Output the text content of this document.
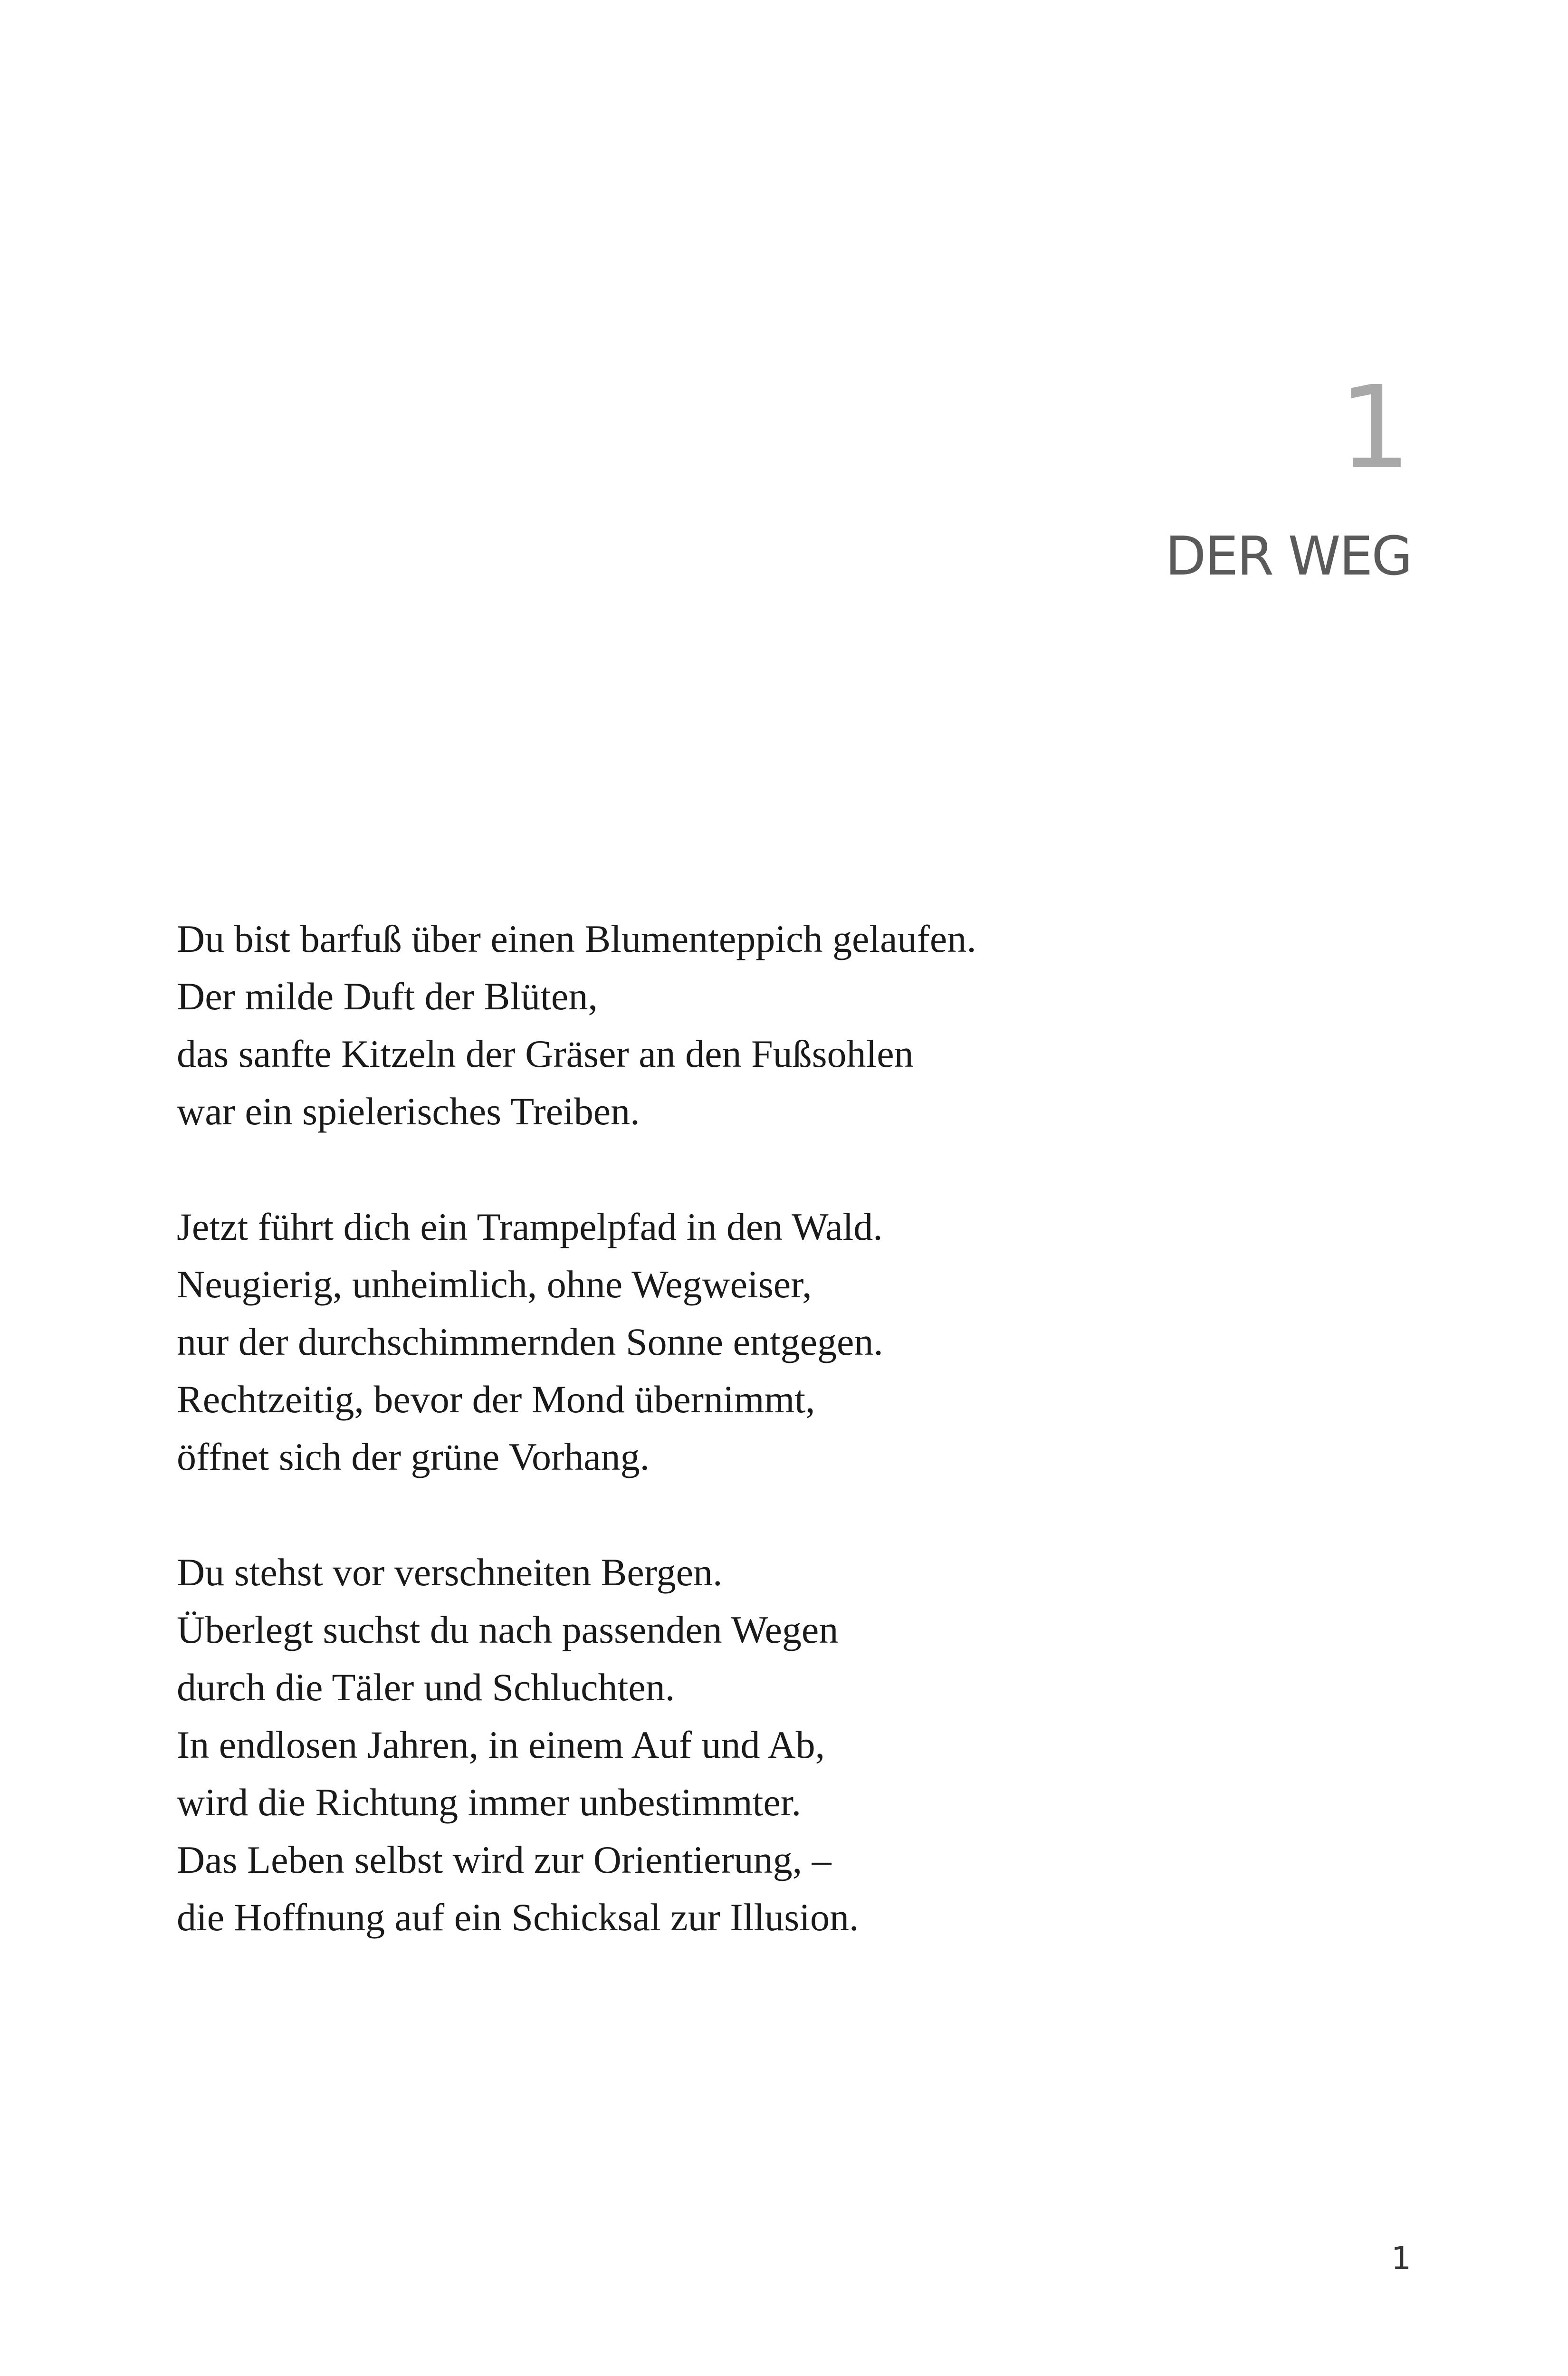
1
DER WEG
Du bist barfuß über einen Blumenteppich gelaufen.
Der milde Duft der Blüten,
das sanfte Kitzeln der Gräser an den Fußsohlen
war ein spielerisches Treiben.
Jetzt führt dich ein Trampelpfad in den Wald.
Neugierig, unheimlich, ohne Wegweiser,
nur der durchschimmernden Sonne entgegen.
Rechtzeitig, bevor der Mond übernimmt,
öffnet sich der grüne Vorhang.
Du stehst vor verschneiten Bergen.
Überlegt suchst du nach passenden Wegen
durch die Täler und Schluchten.
In endlosen Jahren, in einem Auf und Ab,
wird die Richtung immer unbestimmter.
Das Leben selbst wird zur Orientierung, –
die Hoffnung auf ein Schicksal zur Illusion.
1
